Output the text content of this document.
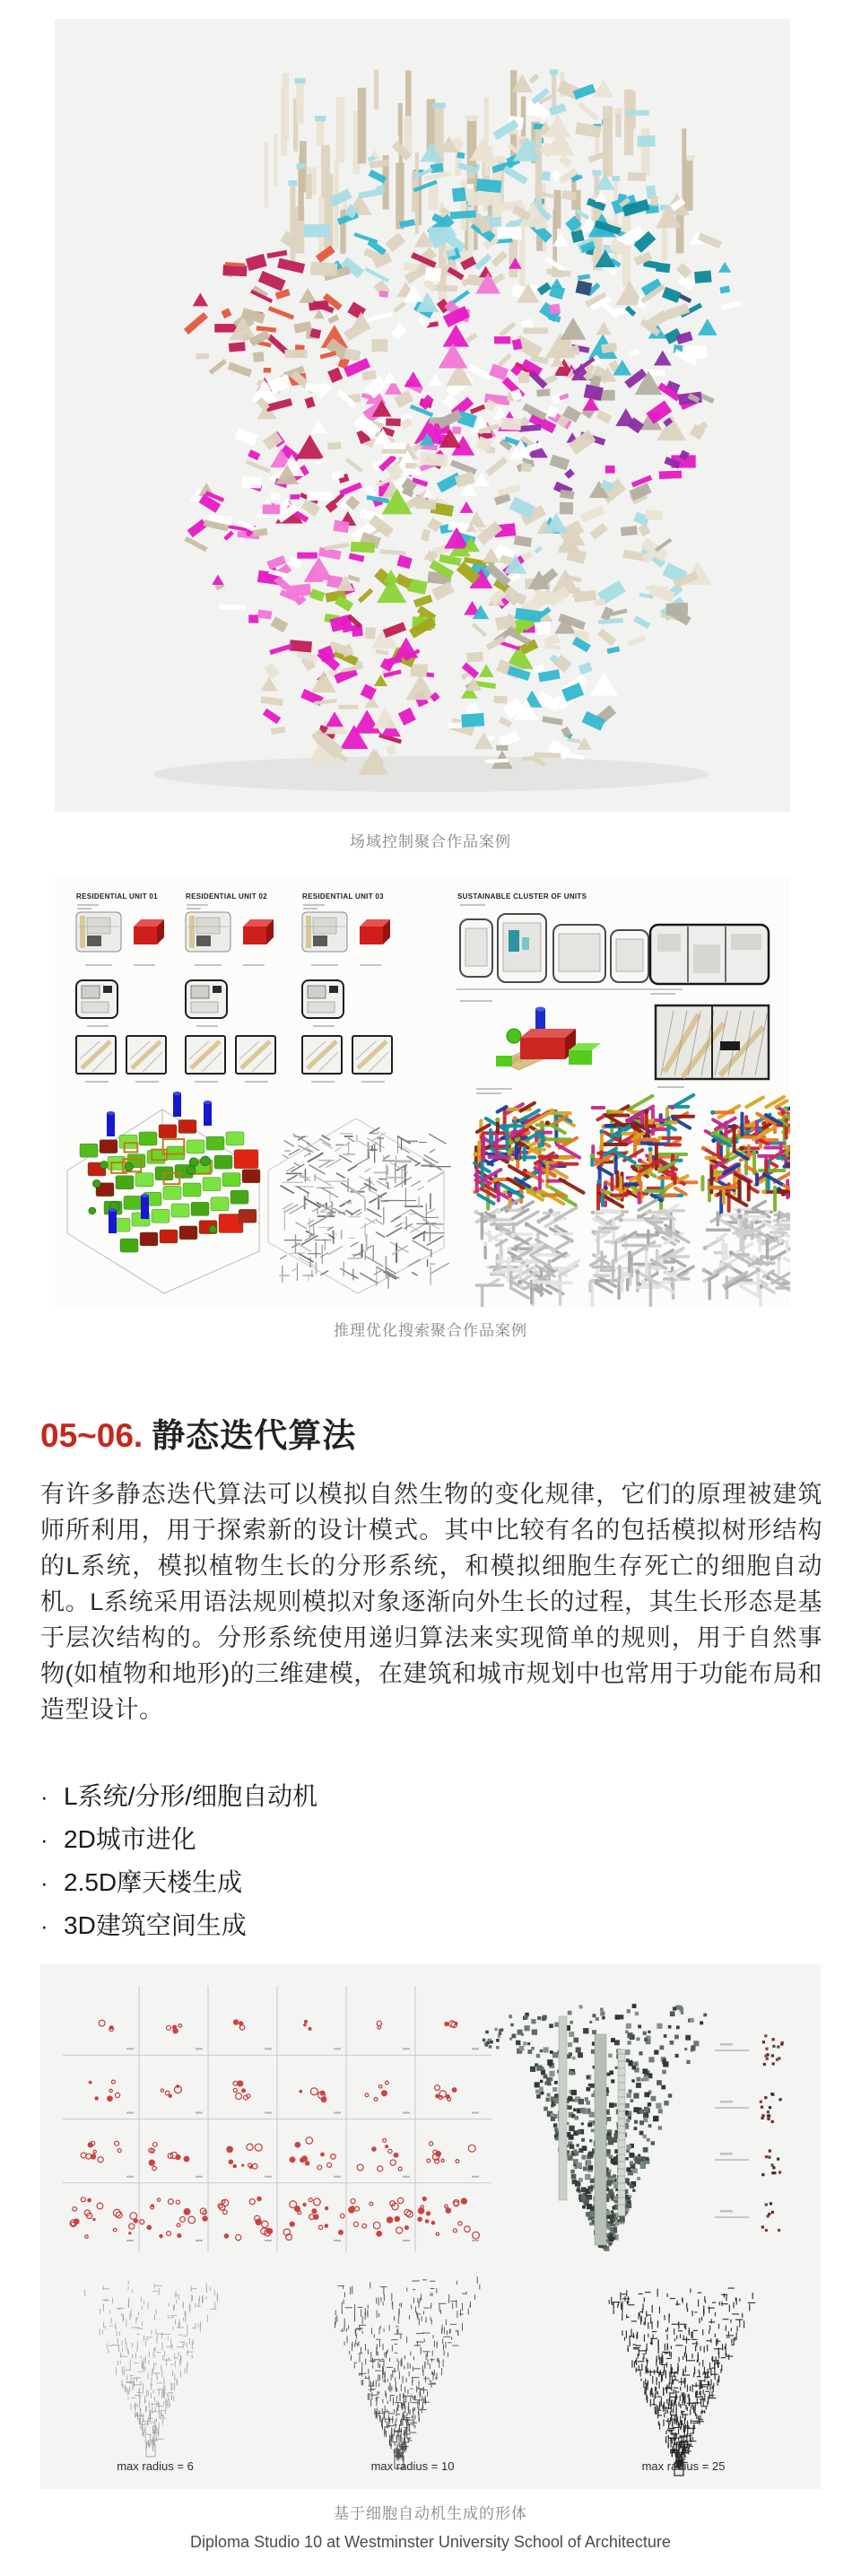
场域控制聚合作品案例
RESIDENTIAL UNIT 01	RESIDENTIAL UNIT 02	RESIDENTIAL UNIT 03	SUSTAINABLE CLUSTER OF UNITS
推理优化搜索聚合作品案例
05~06. 静态迭代算法

有许多静态迭代算法可以模拟自然生物的变化规律，它们的原理被建筑师所利用，用于探索新的设计模式。其中比较有名的包括模拟树形结构的L系统，模拟植物生长的分形系统，和模拟细胞生存死亡的细胞自动机。L系统采用语法规则模拟对象逐渐向外生长的过程，其生长形态是基于层次结构的。分形系统使用递归算法来实现简单的规则，用于自然事物(如植物和地形)的三维建模，在建筑和城市规划中也常用于功能布局和造型设计。

· L系统/分形/细胞自动机
· 2D城市进化
· 2.5D摩天楼生成
· 3D建筑空间生成
max radius = 6	max radius = 10	max radius = 25
基于细胞自动机生成的形体
Diploma Studio 10 at Westminster University School of Architecture
